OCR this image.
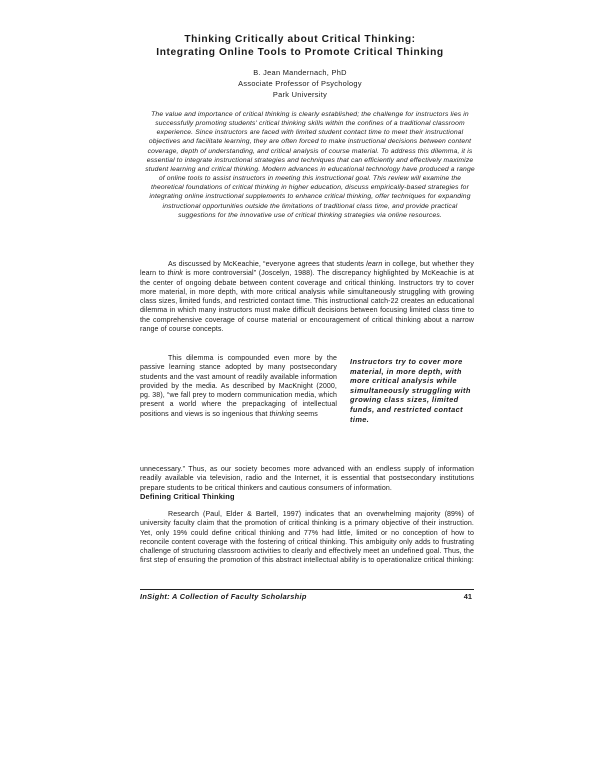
Thinking Critically about Critical Thinking:
Integrating Online Tools to Promote Critical Thinking
B. Jean Mandernach, PhD
Associate Professor of Psychology
Park University
The value and importance of critical thinking is clearly established; the challenge for instructors lies in successfully promoting students' critical thinking skills within the confines of a traditional classroom experience. Since instructors are faced with limited student contact time to meet their instructional objectives and facilitate learning, they are often forced to make instructional decisions between content coverage, depth of understanding, and critical analysis of course material. To address this dilemma, it is essential to integrate instructional strategies and techniques that can efficiently and effectively maximize student learning and critical thinking. Modern advances in educational technology have produced a range of online tools to assist instructors in meeting this instructional goal. This review will examine the theoretical foundations of critical thinking in higher education, discuss empirically-based strategies for integrating online instructional supplements to enhance critical thinking, offer techniques for expanding instructional opportunities outside the limitations of traditional class time, and provide practical suggestions for the innovative use of critical thinking strategies via online resources.

As discussed by McKeachie, “everyone agrees that students learn in college, but whether they learn to think is more controversial” (Joscelyn, 1988). The discrepancy highlighted by McKeachie is at the center of ongoing debate between content coverage and critical thinking. Instructors try to cover more material, in more depth, with more critical analysis while simultaneously struggling with growing class sizes, limited funds, and restricted contact time. This instructional catch-22 creates an educational dilemma in which many instructors must make difficult decisions between focusing limited class time to the comprehensive coverage of course material or encouragement of critical thinking about a narrow range of course concepts.

This dilemma is compounded even more by the passive learning stance adopted by many postsecondary students and the vast amount of readily available information provided by the media. As described by MacKnight (2000, pg. 38), “we fall prey to modern communication media, which present a world where the prepackaging of intellectual positions and views is so ingenious that thinking seems

Instructors try to cover more material, in more depth, with more critical analysis while simultaneously struggling with growing class sizes, limited funds, and restricted contact time.

unnecessary.” Thus, as our society becomes more advanced with an endless supply of information readily available via television, radio and the Internet, it is essential that postsecondary institutions prepare students to be critical thinkers and cautious consumers of information.

Defining Critical Thinking

Research (Paul, Elder & Bartell, 1997) indicates that an overwhelming majority (89%) of university faculty claim that the promotion of critical thinking is a primary objective of their instruction. Yet, only 19% could define critical thinking and 77% had little, limited or no conception of how to reconcile content coverage with the fostering of critical thinking. This ambiguity only adds to frustrating challenge of structuring classroom activities to clearly and effectively meet an undefined goal. Thus, the first step of ensuring the promotion of this abstract intellectual ability is to operationalize critical thinking:

InSight: A Collection of Faculty Scholarship	41
